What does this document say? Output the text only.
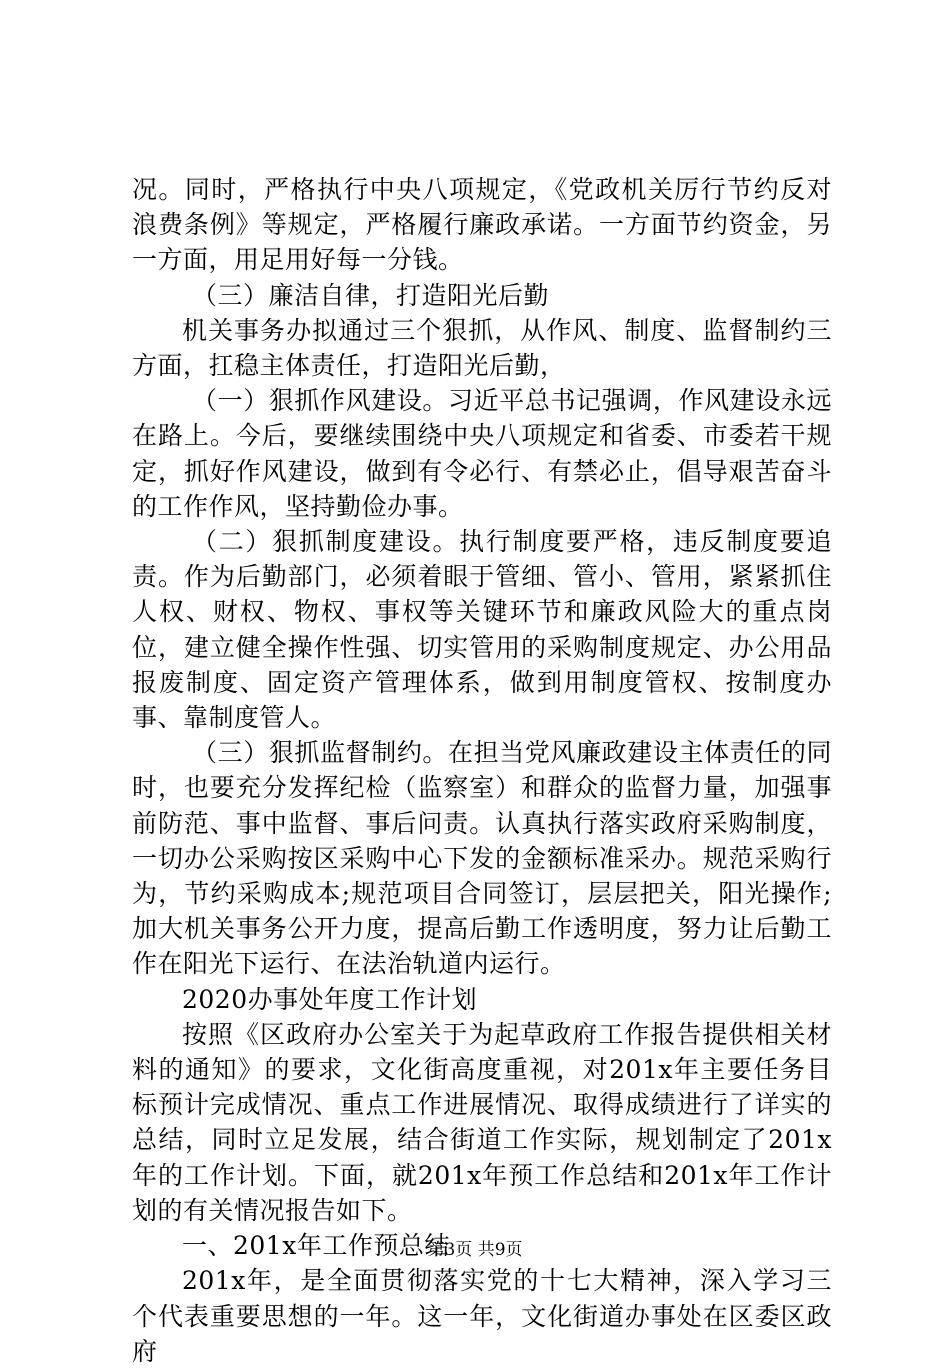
况。同时，严格执行中央八项规定，《党政机关厉行节约反对浪费条例》等规定，严格履行廉政承诺。一方面节约资金，另一方面，用足用好每一分钱。

（三）廉洁自律，打造阳光后勤

机关事务办拟通过三个狠抓，从作风、制度、监督制约三方面，扛稳主体责任，打造阳光后勤，

（一）狠抓作风建设。习近平总书记强调，作风建设永远在路上。今后，要继续围绕中央八项规定和省委、市委若干规定，抓好作风建设，做到有令必行、有禁必止，倡导艰苦奋斗的工作作风，坚持勤俭办事。

（二）狠抓制度建设。执行制度要严格，违反制度要追责。作为后勤部门，必须着眼于管细、管小、管用，紧紧抓住人权、财权、物权、事权等关键环节和廉政风险大的重点岗位，建立健全操作性强、切实管用的采购制度规定、办公用品报废制度、固定资产管理体系，做到用制度管权、按制度办事、靠制度管人。

（三）狠抓监督制约。在担当党风廉政建设主体责任的同时，也要充分发挥纪检（监察室）和群众的监督力量，加强事前防范、事中监督、事后问责。认真执行落实政府采购制度，一切办公采购按区采购中心下发的金额标准采办。规范采购行为，节约采购成本;规范项目合同签订，层层把关，阳光操作;加大机关事务公开力度，提高后勤工作透明度，努力让后勤工作在阳光下运行、在法治轨道内运行。

2020办事处年度工作计划

按照《区政府办公室关于为起草政府工作报告提供相关材料的通知》的要求，文化街高度重视，对201x年主要任务目标预计完成情况、重点工作进展情况、取得成绩进行了详实的总结，同时立足发展，结合街道工作实际，规划制定了201x年的工作计划。下面，就201x年预工作总结和201x年工作计划的有关情况报告如下。

一、201x年工作预总结

201x年，是全面贯彻落实党的十七大精神，深入学习三个代表重要思想的一年。这一年，文化街道办事处在区委区政府

第3页 共9页
